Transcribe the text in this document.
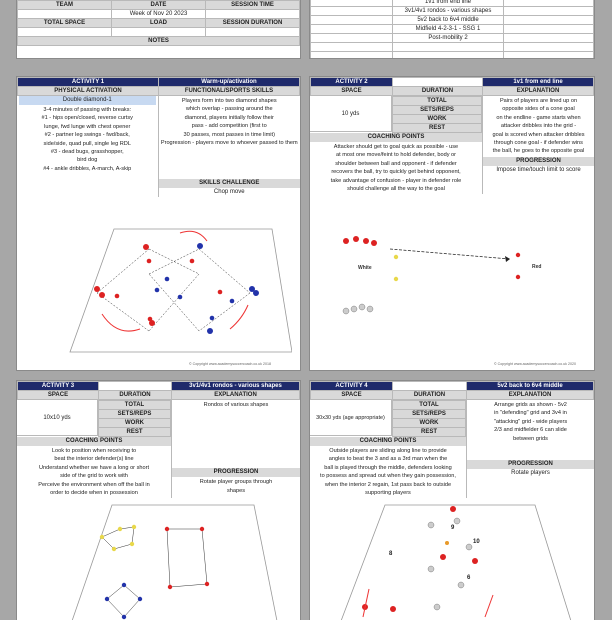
TEAM	DATE	SESSION TIME
	Week of Nov 20 2023	
TOTAL SPACE	LOAD	SESSION DURATION

NOTES		
	1v1 from end line	
	3v1/4v1 rondos - various shapes	
	5v2 back to 6v4 middle	
	Midfield 4-2-3-1 - SSG 1	
	Post-mobility 2	

ACTIVITY 1	Warm-up/activation
PHYSICAL ACTIVATION	FUNCTIONAL/SPORTS SKILLS
Double diamond-1
3-4 minutes of passing with breaks:
#1 - hips open/closed, reverse curtsy
lunge, fwd lunge with chest opener
#2 - partner leg swings - fwd/back,
side/side, quad pull, single leg RDL
#3 - dead bugs, grasshopper,
bird dog
#4 - ankle dribbles, A-march, A-skip
Players form into two diamond shapes
which overlap - passing around the
diamond, players initially follow their
pass - add competition (first to
30 passes, most passes in time limit)
Progression - players move to whoever passed to them
SKILLS CHALLENGE
Chop move
© Copyright www.academysoccercoach.co.uk 2018
ACTIVITY 2		1v1 from end line
SPACE	DURATION	EXPLANATION
10 yds
TOTAL
SETS/REPS
WORK
REST
COACHING POINTS
Attacker should get to goal quick as possible - use
at most one move/feint to hold defender, body or
shoulder between ball and opponent - if defender
recovers the ball, try to quickly get behind opponent,
take advantage of confusion - player in defender role
should challenge all the way to the goal
Pairs of players are lined up on
opposite sides of a cone goal
on the endline - game starts when
attacker dribbles into the grid -
goal is scored when attacker dribbles
through cone goal - if defender wins
the ball, he goes to the opposite goal
PROGRESSION
Impose time/touch limit to score
White	Red
© Copyright www.academysoccercoach.co.uk 2020
ACTIVITY 3		3v1/4v1 rondos - various shapes
SPACE	DURATION	EXPLANATION
10x10 yds
TOTAL
SETS/REPS
WORK
REST
COACHING POINTS
Look to position when receiving to
beat the interior defender(s) line
Understand whether we have a long or short
side of the grid to work with
Perceive the environment when off the ball in
order to decide when in possession
Rondos of various shapes
PROGRESSION
Rotate player groups through
shapes
ACTIVITY 4		5v2 back to 6v4 middle
SPACE	DURATION	EXPLANATION
30x30 yds (age appropriate)
TOTAL
SETS/REPS
WORK
REST
COACHING POINTS
Outside players are sliding along line to provide
angles to beat the 3 and as a 3rd man when the
ball is played through the middle, defenders looking
to possess and spread out when they gain possession,
when the interior 2 regain, 1st pass back to outside
supporting players
Arrange grids as shown - 5v2
in "defending" grid and 3v4 in
"attacking" grid - wide players
2/3 and midfielder 6 can slide
between grids
PROGRESSION
Rotate players
9
10
8
6
